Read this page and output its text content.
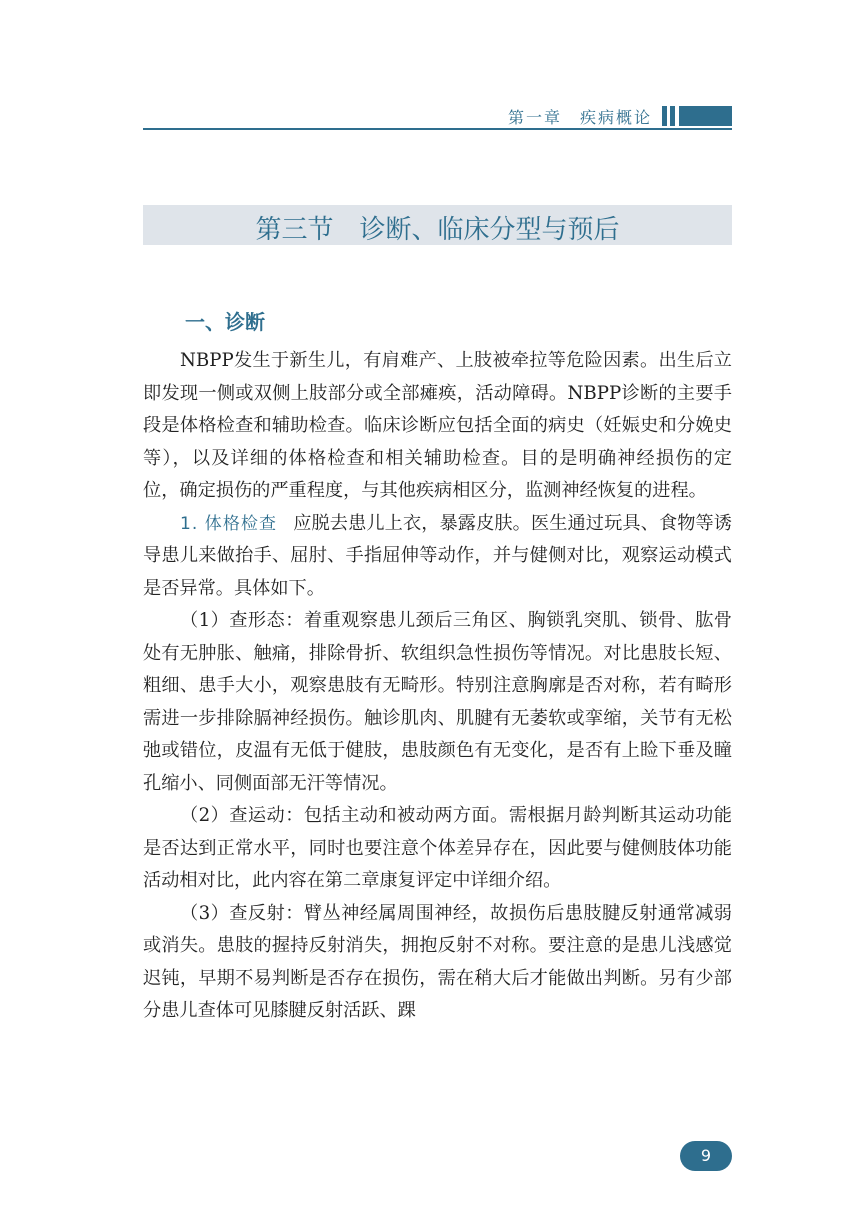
第一章　疾病概论
第三节　诊断、临床分型与预后
一、诊断

NBPP发生于新生儿，有肩难产、上肢被牵拉等危险因素。出生后立即发现一侧或双侧上肢部分或全部瘫痪，活动障碍。NBPP诊断的主要手段是体格检查和辅助检查。临床诊断应包括全面的病史（妊娠史和分娩史等），以及详细的体格检查和相关辅助检查。目的是明确神经损伤的定位，确定损伤的严重程度，与其他疾病相区分，监测神经恢复的进程。

1. 体格检查 应脱去患儿上衣，暴露皮肤。医生通过玩具、食物等诱导患儿来做抬手、屈肘、手指屈伸等动作，并与健侧对比，观察运动模式是否异常。具体如下。

（1）查形态：着重观察患儿颈后三角区、胸锁乳突肌、锁骨、肱骨处有无肿胀、触痛，排除骨折、软组织急性损伤等情况。对比患肢长短、粗细、患手大小，观察患肢有无畸形。特别注意胸廓是否对称，若有畸形需进一步排除膈神经损伤。触诊肌肉、肌腱有无萎软或挛缩，关节有无松弛或错位，皮温有无低于健肢，患肢颜色有无变化，是否有上睑下垂及瞳孔缩小、同侧面部无汗等情况。

（2）查运动：包括主动和被动两方面。需根据月龄判断其运动功能是否达到正常水平，同时也要注意个体差异存在，因此要与健侧肢体功能活动相对比，此内容在第二章康复评定中详细介绍。

（3）查反射：臂丛神经属周围神经，故损伤后患肢腱反射通常减弱或消失。患肢的握持反射消失，拥抱反射不对称。要注意的是患儿浅感觉迟钝，早期不易判断是否存在损伤，需在稍大后才能做出判断。另有少部分患儿查体可见膝腱反射活跃、踝

9
